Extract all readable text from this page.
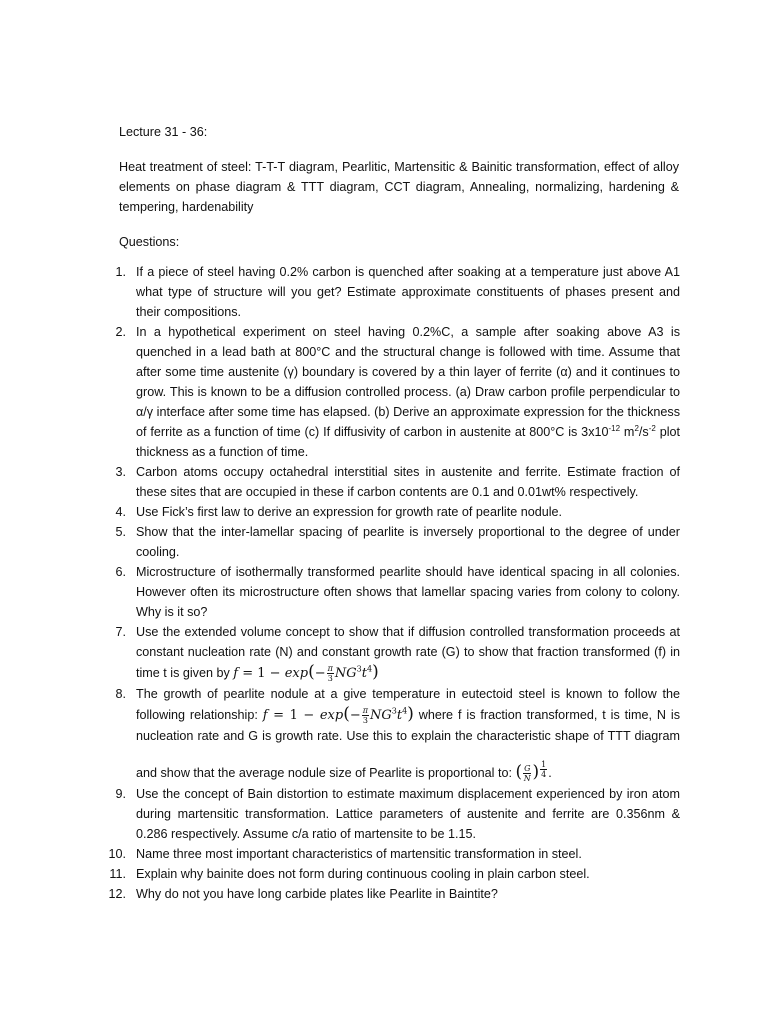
Lecture 31 - 36:

Heat treatment of steel: T-T-T diagram, Pearlitic, Martensitic & Bainitic transformation, effect of alloy elements on phase diagram & TTT diagram, CCT diagram, Annealing, normalizing, hardening & tempering, hardenability

Questions:

1. If a piece of steel having 0.2% carbon is quenched after soaking at a temperature just above A1 what type of structure will you get? Estimate approximate constituents of phases present and their compositions.
2. In a hypothetical experiment on steel having 0.2%C, a sample after soaking above A3 is quenched in a lead bath at 800°C and the structural change is followed with time. Assume that after some time austenite (γ) boundary is covered by a thin layer of ferrite (α) and it continues to grow. This is known to be a diffusion controlled process. (a) Draw carbon profile perpendicular to α/γ interface after some time has elapsed. (b) Derive an approximate expression for the thickness of ferrite as a function of time (c) If diffusivity of carbon in austenite at 800°C is $3x10^{-12}$ $m^2/s^{-2}$ plot thickness as a function of time.
3. Carbon atoms occupy octahedral interstitial sites in austenite and ferrite. Estimate fraction of these sites that are occupied in these if carbon contents are 0.1 and 0.01wt% respectively.
4. Use Fick’s first law to derive an expression for growth rate of pearlite nodule.
5. Show that the inter-lamellar spacing of pearlite is inversely proportional to the degree of under cooling.
6. Microstructure of isothermally transformed pearlite should have identical spacing in all colonies. However often its microstructure often shows that lamellar spacing varies from colony to colony. Why is it so?
7. Use the extended volume concept to show that if diffusion controlled transformation proceeds at constant nucleation rate (N) and constant growth rate (G) to show that fraction transformed (f) in time t is given by $f = 1 - \exp(- \frac{\pi}{3} NG^3t^4)$
8. The growth of pearlite nodule at a give temperature in eutectoid steel is known to follow the following relationship: $f = 1 - \exp(- \frac{\pi}{3} NG^3t^4)$ where f is fraction transformed, t is time, N is nucleation rate and G is growth rate. Use this to explain the characteristic shape of TTT diagram and show that the average nodule size of Pearlite is proportional to: ( $\frac{G}{N}$ ) $^{\frac{1}{4}}$ .
9. Use the concept of Bain distortion to estimate maximum displacement experienced by iron atom during martensitic transformation. Lattice parameters of austenite and ferrite are 0.356nm & 0.286 respectively. Assume c/a ratio of martensite to be 1.15.
10. Name three most important characteristics of martensitic transformation in steel.
11. Explain why bainite does not form during continuous cooling in plain carbon steel.
12. Why do not you have long carbide plates like Pearlite in Baintite?
